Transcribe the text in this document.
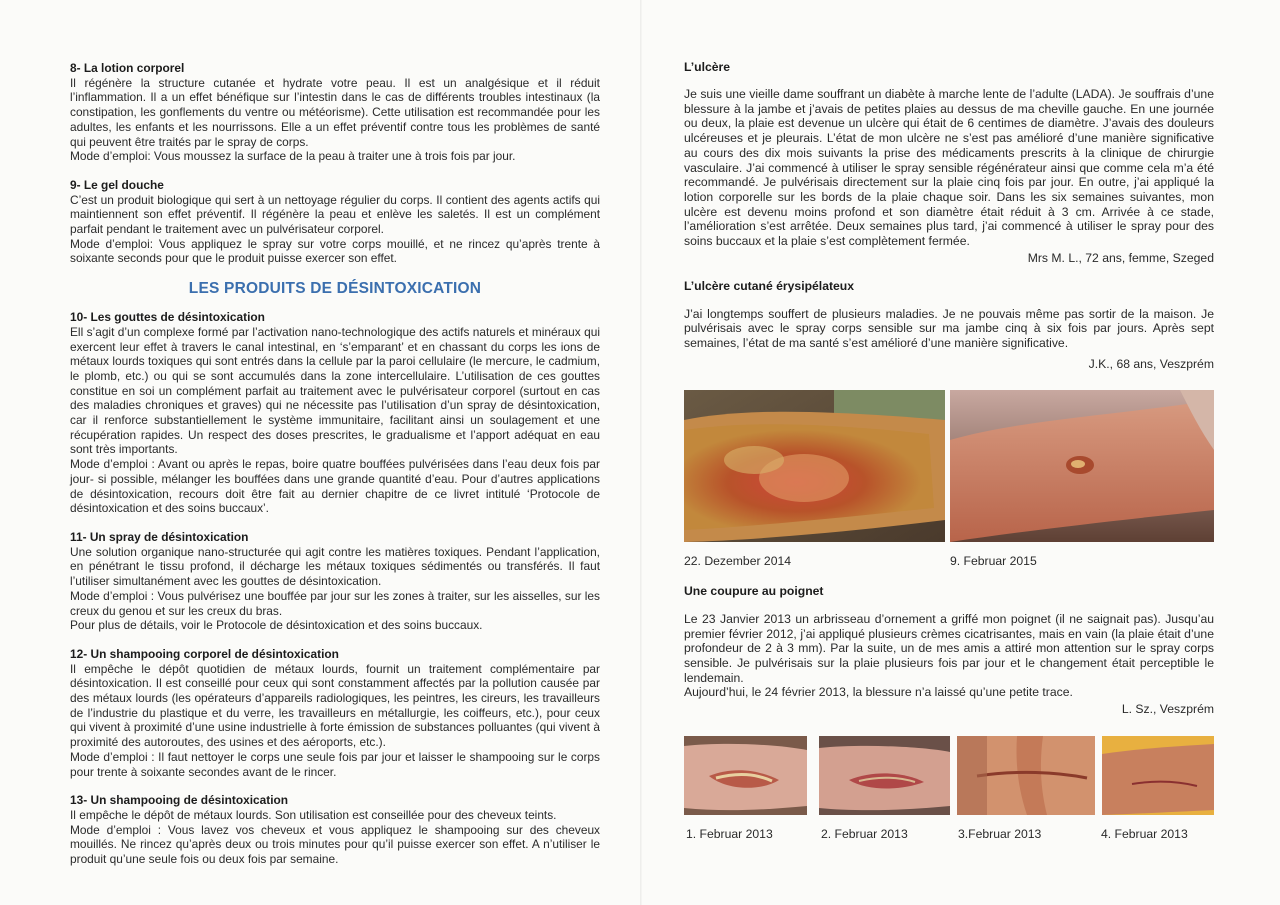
8- La lotion corporel

Il régénère la structure cutanée et hydrate votre peau. Il est un analgésique et il réduit l’inflammation. Il a un effet bénéfique sur l’intestin dans le cas de différents troubles intestinaux (la constipation, les gonflements du ventre ou météorisme). Cette utilisation est recommandée pour les adultes, les enfants et les nourrissons. Elle a un effet préventif contre tous les problèmes de santé qui peuvent être traités par le spray de corps.

Mode d’emploi: Vous moussez la surface de la peau à traiter une à trois fois par jour.

9- Le gel douche

C’est un produit biologique qui sert à un nettoyage régulier du corps. Il contient des agents actifs qui maintiennent son effet préventif. Il régénère la peau et enlève les saletés. Il est un complément parfait pendant le traitement avec un pulvérisateur corporel.

Mode d’emploi: Vous appliquez le spray sur votre corps mouillé, et ne rincez qu’après trente à soixante seconds pour que le produit puisse exercer son effet.

LES PRODUITS DE DÉSINTOXICATION
10- Les gouttes de désintoxication

Ell s’agit d’un complexe formé par l’activation nano-technologique des actifs naturels et minéraux qui exercent leur effet à travers le canal intestinal, en ‘s’emparant’ et en chassant du corps les ions de métaux lourds toxiques qui sont entrés dans la cellule par la paroi cellulaire (le mercure, le cadmium, le plomb, etc.) ou qui se sont accumulés dans la zone intercellulaire. L’utilisation de ces gouttes constitue en soi un complément parfait au traitement avec le pulvérisateur corporel (surtout en cas des maladies chroniques et graves) qui ne nécessite pas l’utilisation d’un spray de désintoxication, car il renforce substantiellement le système immunitaire, facilitant ainsi un soulagement et une récupération rapides. Un respect des doses prescrites, le gradualisme et l’apport adéquat en eau sont très importants.

Mode d’emploi : Avant ou après le repas, boire quatre bouffées pulvérisées dans l’eau deux fois par jour- si possible, mélanger les bouffées dans une grande quantité d’eau. Pour d’autres applications de désintoxication, recours doit être fait au dernier chapitre de ce livret intitulé ‘Protocole de désintoxication et des soins buccaux’.

11- Un spray de désintoxication

Une solution organique nano-structurée qui agit contre les matières toxiques. Pendant l’application, en pénétrant le tissu profond, il décharge les métaux toxiques sédimentés ou transférés. Il faut l’utiliser simultanément avec les gouttes de désintoxication.

Mode d’emploi : Vous pulvérisez une bouffée par jour sur les zones à traiter, sur les aisselles, sur les creux du genou et sur les creux du bras.

Pour plus de détails, voir le Protocole de désintoxication et des soins buccaux.

12- Un shampooing corporel de désintoxication

Il empêche le dépôt quotidien de métaux lourds, fournit un traitement complémentaire par désintoxication. Il est conseillé pour ceux qui sont constamment affectés par la pollution causée par des métaux lourds (les opérateurs d’appareils radiologiques, les peintres, les cireurs, les travailleurs de l’industrie du plastique et du verre, les travailleurs en métallurgie, les coiffeurs, etc.), pour ceux qui vivent à proximité d’une usine industrielle à forte émission de substances polluantes (qui vivent à proximité des autoroutes, des usines et des aéroports, etc.).

Mode d’emploi : Il faut nettoyer le corps une seule fois par jour et laisser le shampooing sur le corps pour trente à soixante secondes avant de le rincer.

13- Un shampooing de désintoxication

Il empêche le dépôt de métaux lourds. Son utilisation est conseillée pour des cheveux teints.

Mode d’emploi : Vous lavez vos cheveux et vous appliquez le shampooing sur des cheveux mouillés. Ne rincez qu’après deux ou trois minutes pour qu’il puisse exercer son effet. A n’utiliser le produit qu’une seule fois ou deux fois par semaine.

L’ulcère

Je suis une vieille dame souffrant un diabète à marche lente de l’adulte (LADA). Je souffrais d’une blessure à la jambe et j’avais de petites plaies au dessus de ma cheville gauche. En une journée ou deux, la plaie est devenue un ulcère qui était de 6 centimes de diamètre. J’avais des douleurs ulcéreuses et je pleurais. L’état de mon ulcère ne s’est pas amélioré d’une manière significative au cours des dix mois suivants la prise des médicaments prescrits à la clinique de chirurgie vasculaire. J’ai commencé à utiliser le spray sensible régénérateur ainsi que comme cela m’a été recommandé. Je pulvérisais directement sur la plaie cinq fois par jour. En outre, j’ai appliqué la lotion corporelle sur les bords de la plaie chaque soir. Dans les six semaines suivantes, mon ulcère est devenu moins profond et son diamètre était réduit à 3 cm. Arrivée à ce stade, l’amélioration s’est arrêtée. Deux semaines plus tard, j’ai commencé à utiliser le spray pour des soins buccaux et la plaie s’est complètement fermée.

Mrs M. L., 72 ans, femme, Szeged

L’ulcère cutané érysipélateux

J’ai longtemps souffert de plusieurs maladies. Je ne pouvais même pas sortir de la maison. Je pulvérisais avec le spray corps sensible sur ma jambe cinq à six fois par jours. Après sept semaines, l’état de ma santé s’est amélioré d’une manière significative.

J.K., 68 ans, Veszprém

22. Dezember 2014	9. Februar 2015
Une coupure au poignet

Le 23 Janvier 2013 un arbrisseau d’ornement a griffé mon poignet (il ne saignait pas). Jusqu’au premier février 2012, j’ai appliqué plusieurs crèmes cicatrisantes, mais en vain (la plaie était d’une profondeur de 2 à 3 mm). Par la suite, un de mes amis a attiré mon attention sur le spray corps sensible. Je pulvérisais sur la plaie plusieurs fois par jour et le changement était perceptible le lendemain.

Aujourd’hui, le 24 février 2013, la blessure n’a laissé qu’une petite trace.

L. Sz., Veszprém

1. Februar 2013	2. Februar 2013	3.Februar 2013	4. Februar 2013
